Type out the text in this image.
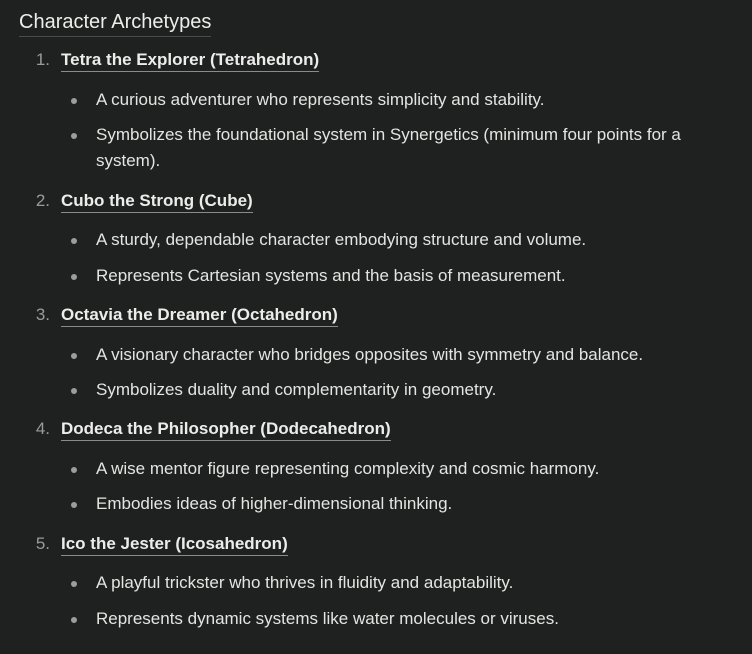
Character Archetypes
1. Tetra the Explorer (Tetrahedron)
A curious adventurer who represents simplicity and stability.
Symbolizes the foundational system in Synergetics (minimum four points for a system).
2. Cubo the Strong (Cube)
A sturdy, dependable character embodying structure and volume.
Represents Cartesian systems and the basis of measurement.
3. Octavia the Dreamer (Octahedron)
A visionary character who bridges opposites with symmetry and balance.
Symbolizes duality and complementarity in geometry.
4. Dodeca the Philosopher (Dodecahedron)
A wise mentor figure representing complexity and cosmic harmony.
Embodies ideas of higher-dimensional thinking.
5. Ico the Jester (Icosahedron)
A playful trickster who thrives in fluidity and adaptability.
Represents dynamic systems like water molecules or viruses.
